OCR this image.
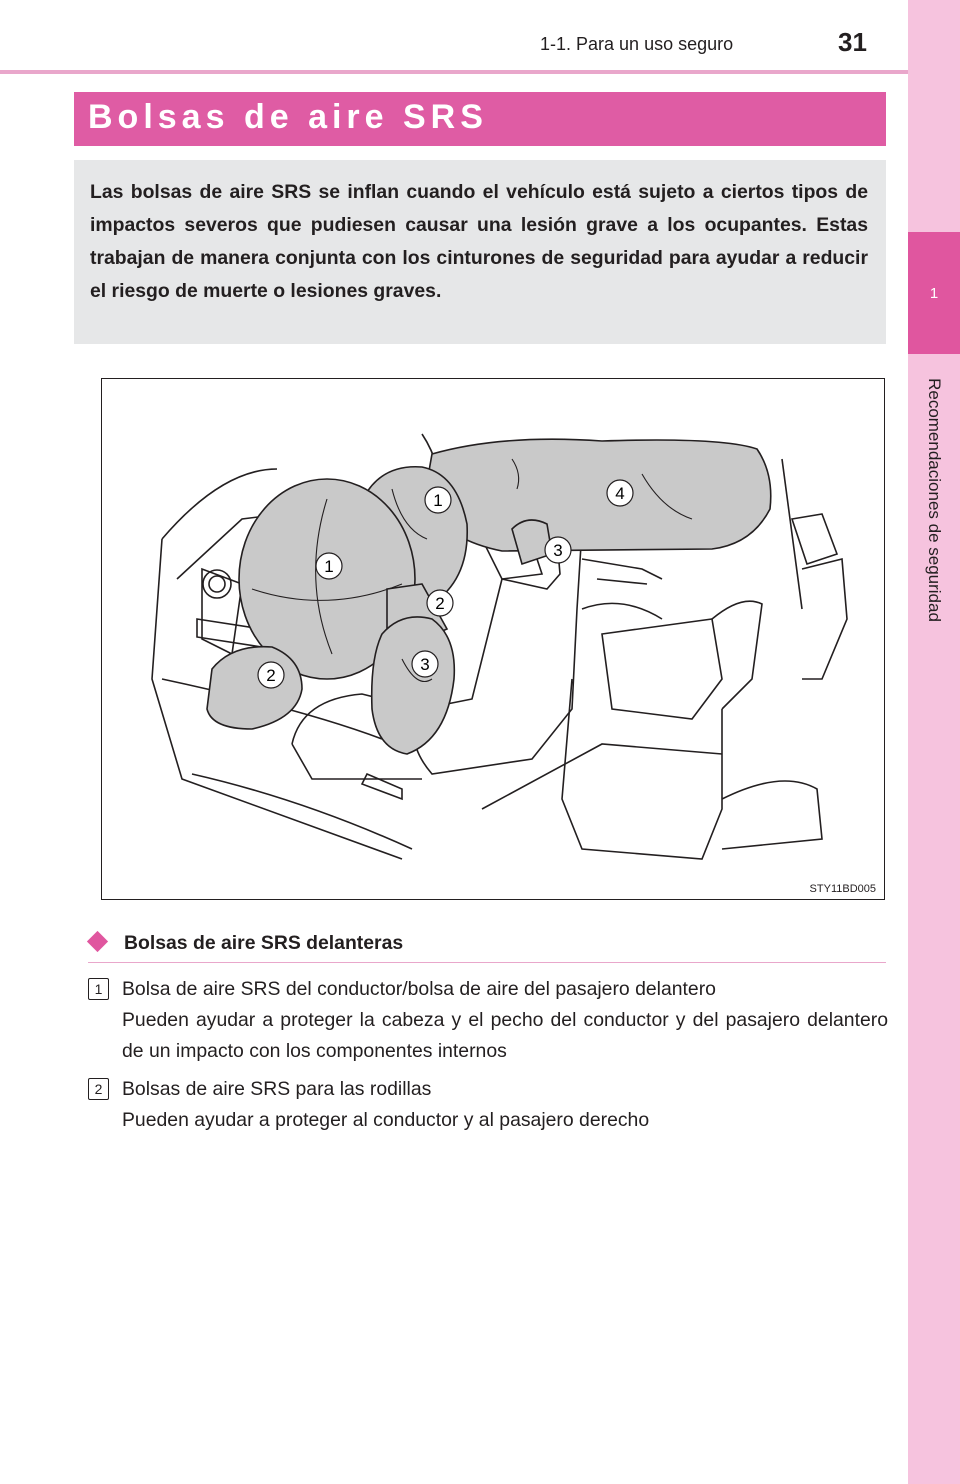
1
Recomendaciones de seguridad
1-1. Para un uso seguro	31
Bolsas de aire SRS

Las bolsas de aire SRS se inflan cuando el vehículo está sujeto a ciertos tipos de impactos severos que pudiesen causar una lesión grave a los ocupantes. Estas trabajan de manera conjunta con los cinturones de seguridad para ayudar a reducir el riesgo de muerte o lesiones graves.

1
1
2
2
3
3
4
STY11BD005
Bolsas de aire SRS delanteras
1	Bolsa de aire SRS del conductor/bolsa de aire del pasajero delantero

Pueden ayudar a proteger la cabeza y el pecho del conductor y del pasajero delantero de un impacto con los componentes internos

2	Bolsas de aire SRS para las rodillas

Pueden ayudar a proteger al conductor y al pasajero derecho
